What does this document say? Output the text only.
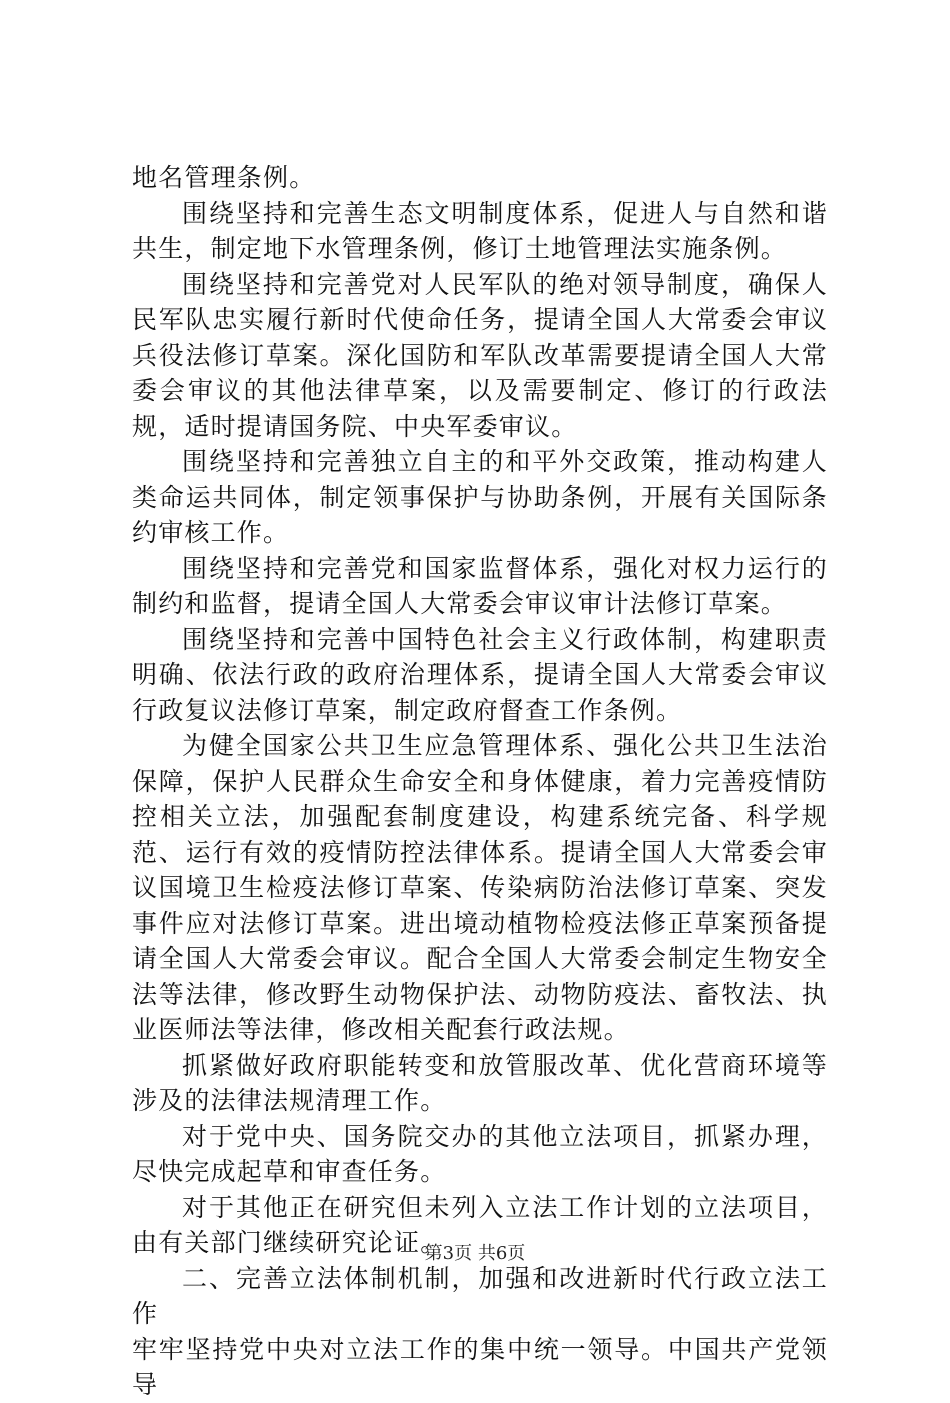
地名管理条例。

围绕坚持和完善生态文明制度体系，促进人与自然和谐共生，制定地下水管理条例，修订土地管理法实施条例。

围绕坚持和完善党对人民军队的绝对领导制度，确保人民军队忠实履行新时代使命任务，提请全国人大常委会审议兵役法修订草案。深化国防和军队改革需要提请全国人大常委会审议的其他法律草案，以及需要制定、修订的行政法规，适时提请国务院、中央军委审议。

围绕坚持和完善独立自主的和平外交政策，推动构建人类命运共同体，制定领事保护与协助条例，开展有关国际条约审核工作。

围绕坚持和完善党和国家监督体系，强化对权力运行的制约和监督，提请全国人大常委会审议审计法修订草案。

围绕坚持和完善中国特色社会主义行政体制，构建职责明确、依法行政的政府治理体系，提请全国人大常委会审议行政复议法修订草案，制定政府督查工作条例。

为健全国家公共卫生应急管理体系、强化公共卫生法治保障，保护人民群众生命安全和身体健康，着力完善疫情防控相关立法，加强配套制度建设，构建系统完备、科学规范、运行有效的疫情防控法律体系。提请全国人大常委会审议国境卫生检疫法修订草案、传染病防治法修订草案、突发事件应对法修订草案。进出境动植物检疫法修正草案预备提请全国人大常委会审议。配合全国人大常委会制定生物安全法等法律，修改野生动物保护法、动物防疫法、畜牧法、执业医师法等法律，修改相关配套行政法规。

抓紧做好政府职能转变和放管服改革、优化营商环境等涉及的法律法规清理工作。

对于党中央、国务院交办的其他立法项目，抓紧办理，尽快完成起草和审查任务。

对于其他正在研究但未列入立法工作计划的立法项目，由有关部门继续研究论证。

二、完善立法体制机制，加强和改进新时代行政立法工作

牢牢坚持党中央对立法工作的集中统一领导。中国共产党领导

第3页 共6页
